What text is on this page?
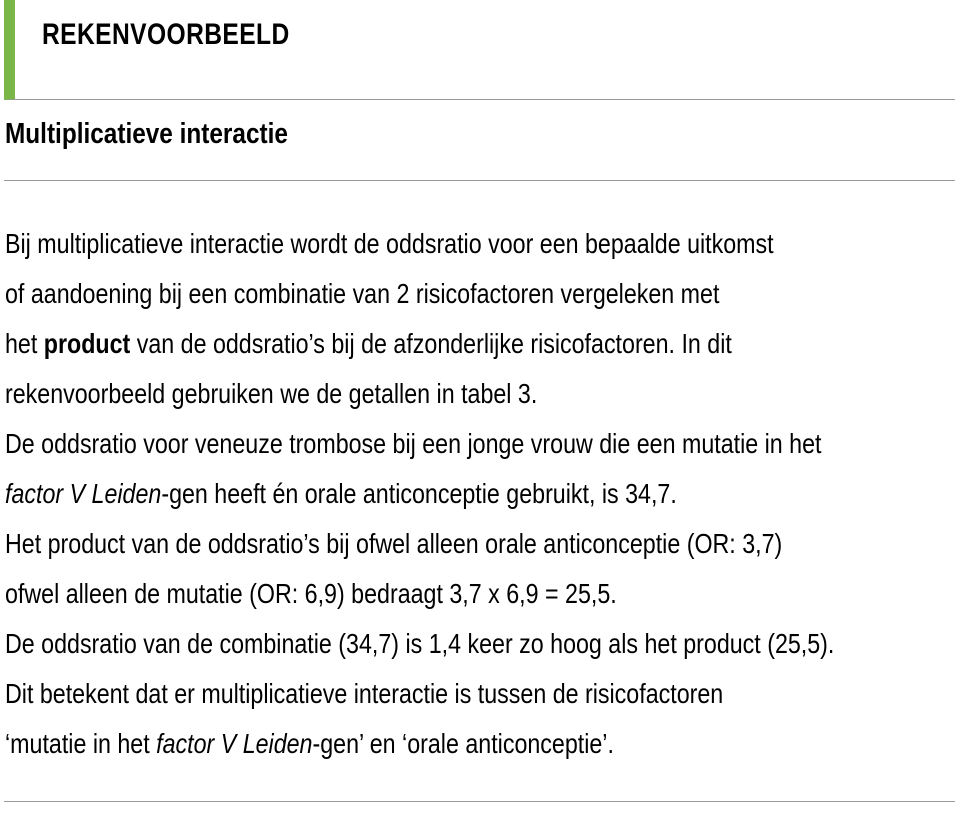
REKENVOORBEELD
Multiplicatieve interactie

Bij multiplicatieve interactie wordt de oddsratio voor een bepaalde uitkomst
of aandoening bij een combinatie van 2 risicofactoren vergeleken met
het product van de oddsratio’s bij de afzonderlijke risicofactoren. In dit
rekenvoorbeeld gebruiken we de getallen in tabel 3.

De oddsratio voor veneuze trombose bij een jonge vrouw die een mutatie in het
factor V Leiden-gen heeft én orale anticonceptie gebruikt, is 34,7.

Het product van de oddsratio’s bij ofwel alleen orale anticonceptie (OR: 3,7)
ofwel alleen de mutatie (OR: 6,9) bedraagt 3,7 x 6,9 = 25,5.

De oddsratio van de combinatie (34,7) is 1,4 keer zo hoog als het product (25,5).
Dit betekent dat er multiplicatieve interactie is tussen de risicofactoren
‘mutatie in het factor V Leiden-gen’ en ‘orale anticonceptie’.
